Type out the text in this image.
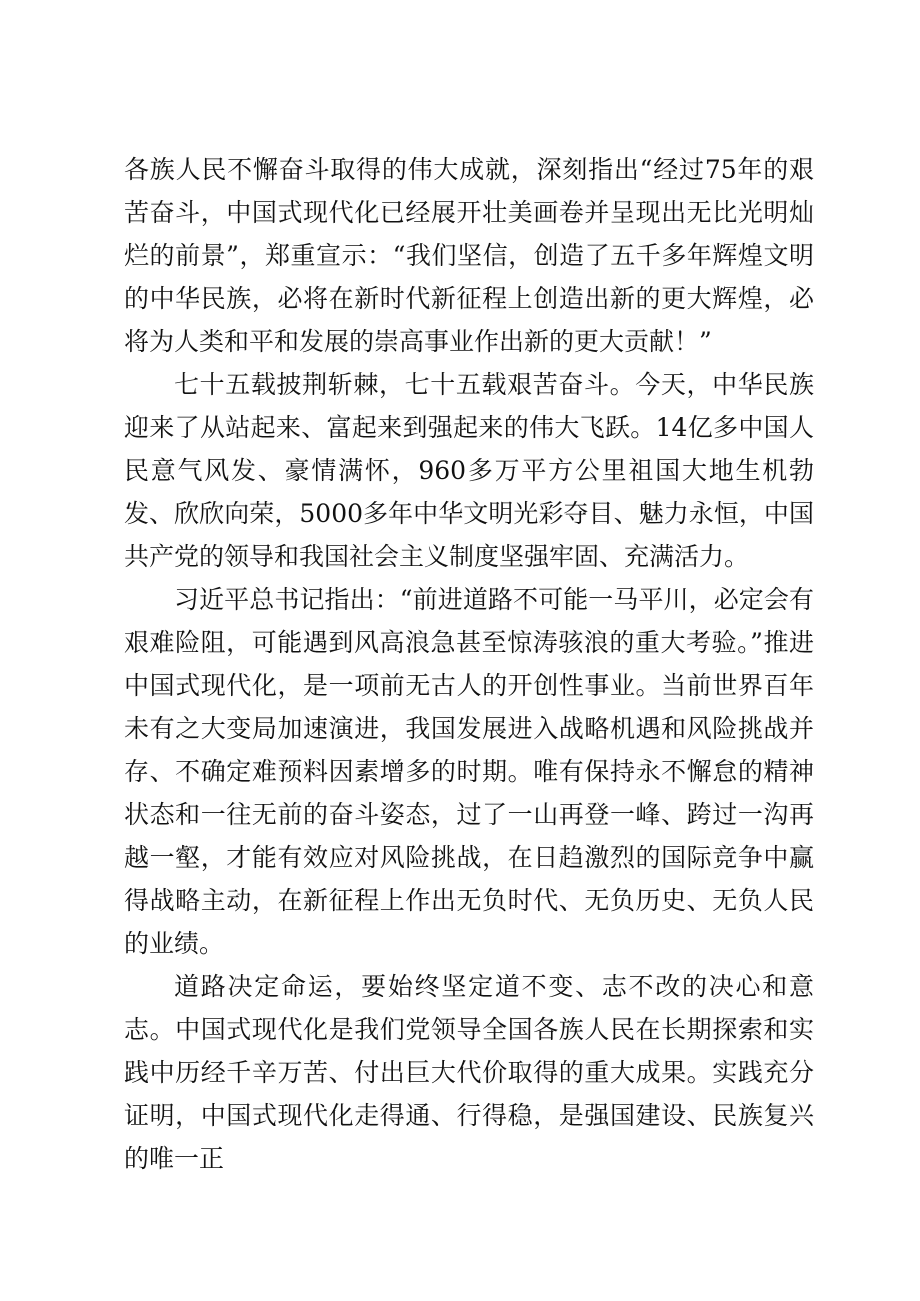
各族人民不懈奋斗取得的伟大成就，深刻指出“经过75年的艰苦奋斗，中国式现代化已经展开壮美画卷并呈现出无比光明灿烂的前景”，郑重宣示：“我们坚信，创造了五千多年辉煌文明的中华民族，必将在新时代新征程上创造出新的更大辉煌，必将为人类和平和发展的崇高事业作出新的更大贡献！”

七十五载披荆斩棘，七十五载艰苦奋斗。今天，中华民族迎来了从站起来、富起来到强起来的伟大飞跃。14亿多中国人民意气风发、豪情满怀，960多万平方公里祖国大地生机勃发、欣欣向荣，5000多年中华文明光彩夺目、魅力永恒，中国共产党的领导和我国社会主义制度坚强牢固、充满活力。

习近平总书记指出：“前进道路不可能一马平川，必定会有艰难险阻，可能遇到风高浪急甚至惊涛骇浪的重大考验。”推进中国式现代化，是一项前无古人的开创性事业。当前世界百年未有之大变局加速演进，我国发展进入战略机遇和风险挑战并存、不确定难预料因素增多的时期。唯有保持永不懈怠的精神状态和一往无前的奋斗姿态，过了一山再登一峰、跨过一沟再越一壑，才能有效应对风险挑战，在日趋激烈的国际竞争中赢得战略主动，在新征程上作出无负时代、无负历史、无负人民的业绩。

道路决定命运，要始终坚定道不变、志不改的决心和意志。中国式现代化是我们党领导全国各族人民在长期探索和实践中历经千辛万苦、付出巨大代价取得的重大成果。实践充分证明，中国式现代化走得通、行得稳，是强国建设、民族复兴的唯一正
